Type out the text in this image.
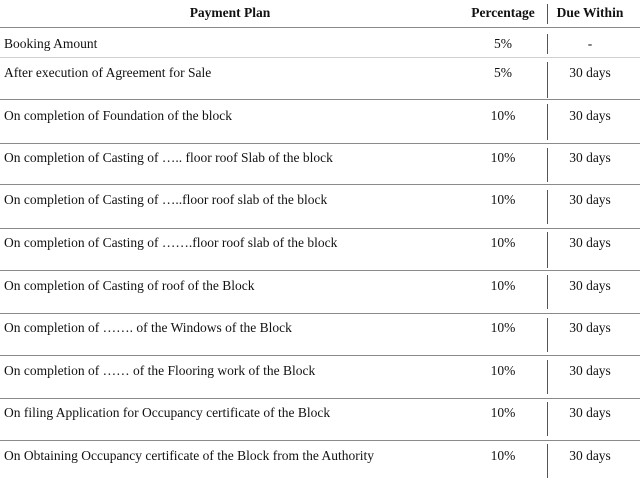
Payment Plan	Percentage	Due Within
Booking Amount	5%	-
After execution of Agreement for Sale	5%	30 days
On completion of Foundation of the block	10%	30 days
On completion of Casting of ….. floor roof Slab of the block	10%	30 days
On completion of Casting of …..floor roof slab of the block	10%	30 days
On completion of Casting of …….floor roof slab of the block	10%	30 days
On completion of Casting of roof of the Block	10%	30 days
On completion of ……. of the Windows of the Block	10%	30 days
On completion of …… of the Flooring work of the Block	10%	30 days
On filing Application for Occupancy certificate of the Block	10%	30 days
On Obtaining Occupancy certificate of the Block from the Authority	10%	30 days
